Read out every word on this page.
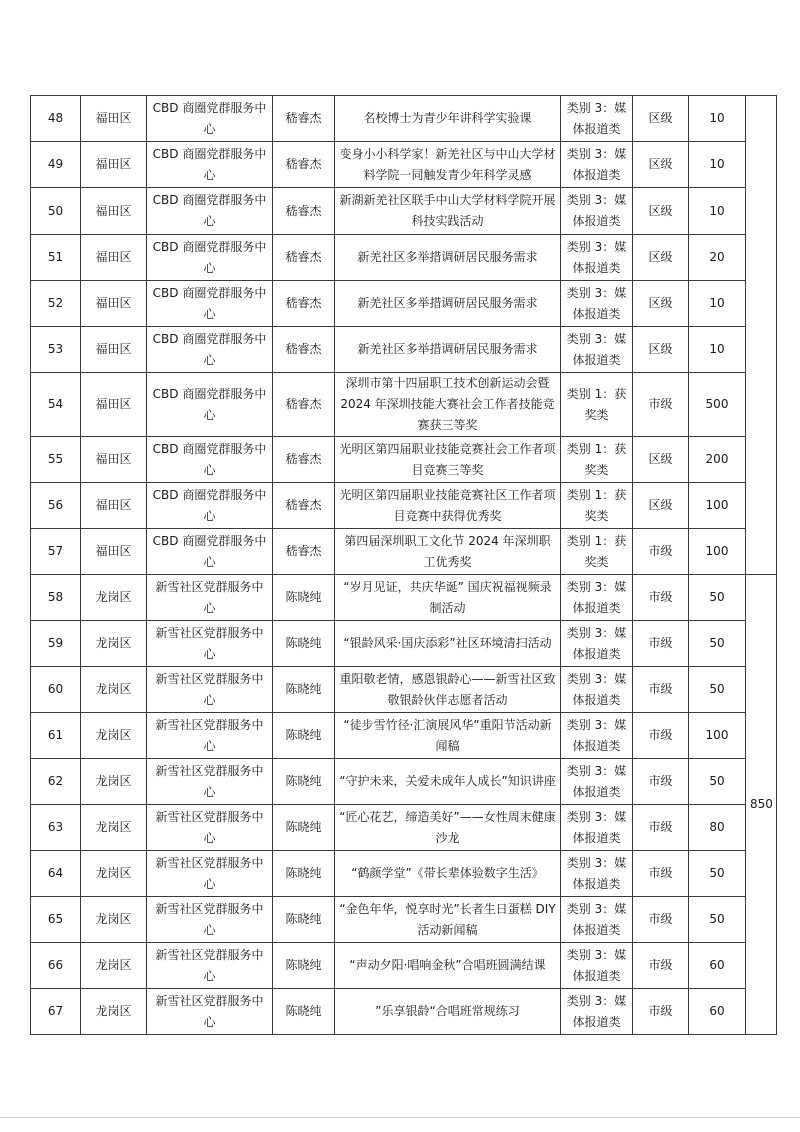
48	福田区	CBD 商圈党群服务中心	嵇睿杰	名校博士为青少年讲科学实验课	类别 3：媒体报道类	区级	10	
49	福田区	CBD 商圈党群服务中心	嵇睿杰	变身小小科学家！新羌社区与中山大学材料学院一同触发青少年科学灵感	类别 3：媒体报道类	区级	10	
50	福田区	CBD 商圈党群服务中心	嵇睿杰	新湖新羌社区联手中山大学材料学院开展科技实践活动	类别 3：媒体报道类	区级	10	
51	福田区	CBD 商圈党群服务中心	嵇睿杰	新羌社区多举措调研居民服务需求	类别 3：媒体报道类	区级	20	
52	福田区	CBD 商圈党群服务中心	嵇睿杰	新羌社区多举措调研居民服务需求	类别 3：媒体报道类	区级	10	
53	福田区	CBD 商圈党群服务中心	嵇睿杰	新羌社区多举措调研居民服务需求	类别 3：媒体报道类	区级	10	
54	福田区	CBD 商圈党群服务中心	嵇睿杰	深圳市第十四届职工技术创新运动会暨 2024 年深圳技能大赛社会工作者技能竞赛获三等奖	类别 1：获奖类	市级	500	
55	福田区	CBD 商圈党群服务中心	嵇睿杰	光明区第四届职业技能竞赛社会工作者项目竞赛三等奖	类别 1：获奖类	区级	200	
56	福田区	CBD 商圈党群服务中心	嵇睿杰	光明区第四届职业技能竞赛社区工作者项目竞赛中获得优秀奖	类别 1：获奖类	区级	100	
57	福田区	CBD 商圈党群服务中心	嵇睿杰	第四届深圳职工文化节 2024 年深圳职工优秀奖	类别 1：获奖类	市级	100	
58	龙岗区	新雪社区党群服务中心	陈晓纯	“岁月见证，共庆华诞” 国庆祝福视频录制活动	类别 3：媒体报道类	市级	50	850
59	龙岗区	新雪社区党群服务中心	陈晓纯	“银龄风采·国庆添彩”社区环境清扫活动	类别 3：媒体报道类	市级	50	
60	龙岗区	新雪社区党群服务中心	陈晓纯	重阳敬老情，感恩银龄心——新雪社区致敬银龄伙伴志愿者活动	类别 3：媒体报道类	市级	50	
61	龙岗区	新雪社区党群服务中心	陈晓纯	“徒步雪竹径·汇演展风华”重阳节活动新闻稿	类别 3：媒体报道类	市级	100	
62	龙岗区	新雪社区党群服务中心	陈晓纯	“守护未来，关爱未成年人成长”知识讲座	类别 3：媒体报道类	市级	50	
63	龙岗区	新雪社区党群服务中心	陈晓纯	“匠心花艺，缔造美好”——女性周末健康沙龙	类别 3：媒体报道类	市级	80	
64	龙岗区	新雪社区党群服务中心	陈晓纯	“鹤颜学堂”《带长辈体验数字生活》	类别 3：媒体报道类	市级	50	
65	龙岗区	新雪社区党群服务中心	陈晓纯	“金色年华，悦享时光”长者生日蛋糕 DIY 活动新闻稿	类别 3：媒体报道类	市级	50	
66	龙岗区	新雪社区党群服务中心	陈晓纯	“声动夕阳·唱响金秋”合唱班圆满结课	类别 3：媒体报道类	市级	60	
67	龙岗区	新雪社区党群服务中心	陈晓纯	”乐享银龄“合唱班常规练习	类别 3：媒体报道类	市级	60	
